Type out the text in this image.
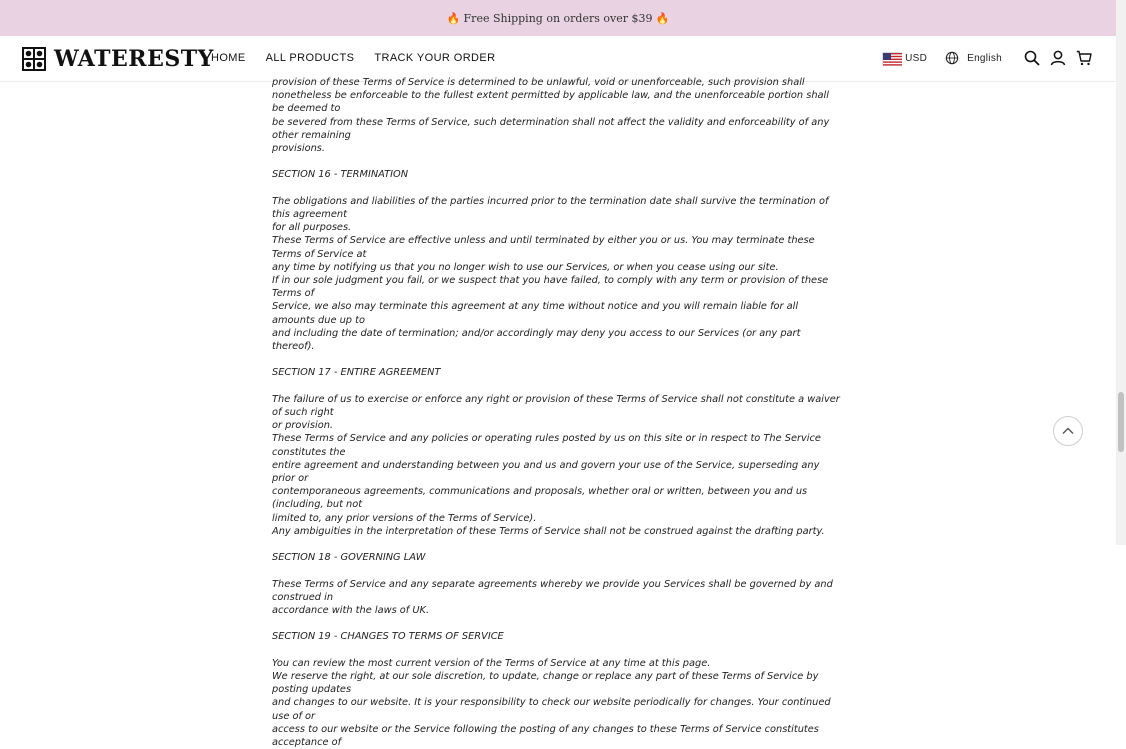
🔥 Free Shipping on orders over $39 🔥
WATERESTY
HOME ALL PRODUCTS TRACK YOUR ORDER	USD	English

provision of these Terms of Service is determined to be unlawful, void or unenforceable, such provision shall

nonetheless be enforceable to the fullest extent permitted by applicable law, and the unenforceable portion shall be deemed to

be severed from these Terms of Service, such determination shall not affect the validity and enforceability of any other remaining

provisions.

SECTION 16 - TERMINATION

The obligations and liabilities of the parties incurred prior to the termination date shall survive the termination of this agreement

for all purposes.

These Terms of Service are effective unless and until terminated by either you or us. You may terminate these Terms of Service at

any time by notifying us that you no longer wish to use our Services, or when you cease using our site.

If in our sole judgment you fail, or we suspect that you have failed, to comply with any term or provision of these Terms of

Service, we also may terminate this agreement at any time without notice and you will remain liable for all amounts due up to

and including the date of termination; and/or accordingly may deny you access to our Services (or any part thereof).

SECTION 17 - ENTIRE AGREEMENT

The failure of us to exercise or enforce any right or provision of these Terms of Service shall not constitute a waiver of such right

or provision.

These Terms of Service and any policies or operating rules posted by us on this site or in respect to The Service constitutes the

entire agreement and understanding between you and us and govern your use of the Service, superseding any prior or

contemporaneous agreements, communications and proposals, whether oral or written, between you and us (including, but not

limited to, any prior versions of the Terms of Service).

Any ambiguities in the interpretation of these Terms of Service shall not be construed against the drafting party.

SECTION 18 - GOVERNING LAW

These Terms of Service and any separate agreements whereby we provide you Services shall be governed by and construed in

accordance with the laws of UK.

SECTION 19 - CHANGES TO TERMS OF SERVICE

You can review the most current version of the Terms of Service at any time at this page.

We reserve the right, at our sole discretion, to update, change or replace any part of these Terms of Service by posting updates

and changes to our website. It is your responsibility to check our website periodically for changes. Your continued use of or

access to our website or the Service following the posting of any changes to these Terms of Service constitutes acceptance of
